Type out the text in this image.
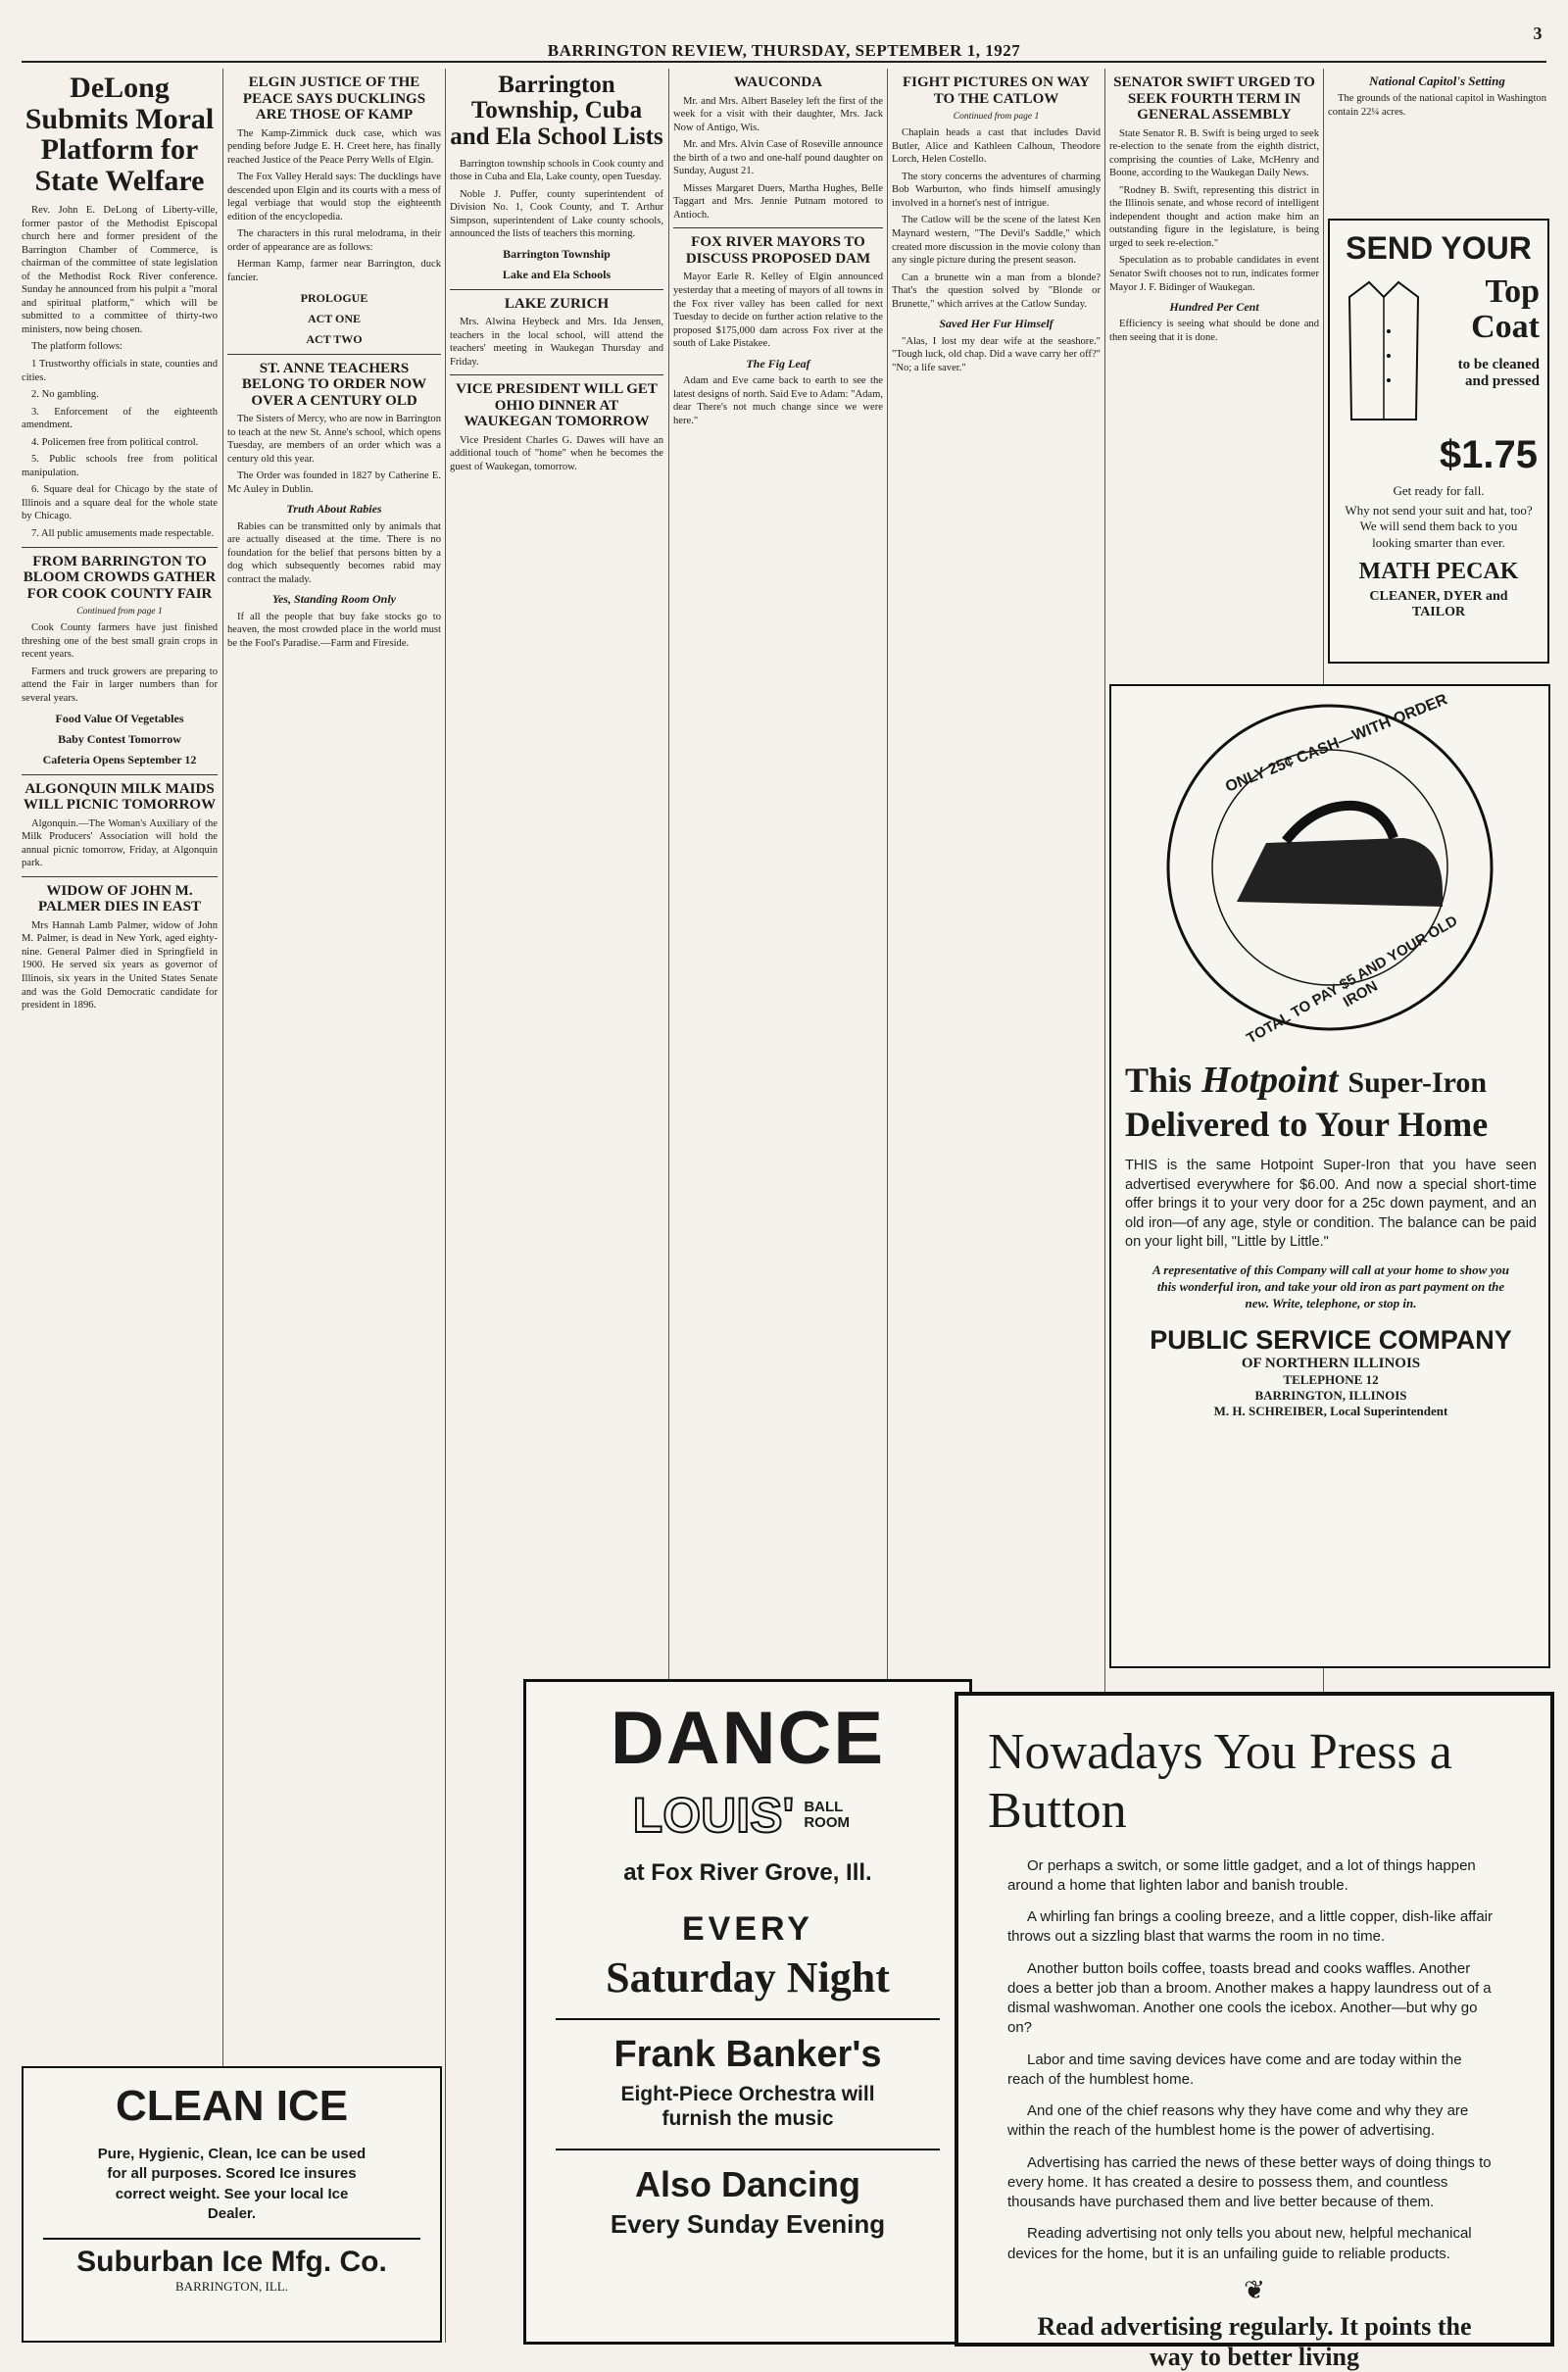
BARRINGTON REVIEW, THURSDAY, SEPTEMBER 1, 1927
3
DeLong Submits Moral Platform for State Welfare

Rev. John E. DeLong of Liberty-ville, former pastor of the Methodist Episcopal church here and former president of the Barrington Chamber of Commerce, is chairman of the committee of state legislation of the Methodist Rock River conference. Sunday he announced from his pulpit a "moral and spiritual platform," which will be submitted to a committee of thirty-two ministers, now being chosen.

The platform follows:

1 Trustworthy officials in state, counties and cities.

2. No gambling.

3. Enforcement of the eighteenth amendment.

4. Policemen free from political control.

5. Public schools free from political manipulation.

6. Square deal for Chicago by the state of Illinois and a square deal for the whole state by Chicago.

7. All public amusements made respectable.

FROM BARRINGTON TO BLOOM CROWDS GATHER FOR COOK COUNTY FAIR
Continued from page 1

Cook County farmers have just finished threshing one of the best small grain crops in recent years.

Farmers and truck growers are preparing to attend the Fair in larger numbers than for several years.

Food Value Of Vegetables
Baby Contest Tomorrow
Cafeteria Opens September 12
ALGONQUIN MILK MAIDS WILL PICNIC TOMORROW

Algonquin.—The Woman's Auxiliary of the Milk Producers' Association will hold the annual picnic tomorrow, Friday, at Algonquin park.

WIDOW OF JOHN M. PALMER DIES IN EAST

Mrs Hannah Lamb Palmer, widow of John M. Palmer, is dead in New York, aged eighty-nine. General Palmer died in Springfield in 1900. He served six years as governor of Illinois, six years in the United States Senate and was the Gold Democratic candidate for president in 1896.

CLEAN ICE
Pure, Hygienic, Clean, Ice can be used for all purposes. Scored Ice insures correct weight. See your local Ice Dealer.
Suburban Ice Mfg. Co.
BARRINGTON, ILL.
ELGIN JUSTICE OF THE PEACE SAYS DUCKLINGS ARE THOSE OF KAMP

The Kamp-Zimmick duck case, which was pending before Judge E. H. Creet here, has finally reached Justice of the Peace Perry Wells of Elgin.

The Fox Valley Herald says: The ducklings have descended upon Elgin and its courts with a mess of legal verbiage that would stop the eighteenth edition of the encyclopedia.

The characters in this rural melodrama, in their order of appearance are as follows:

Herman Kamp, farmer near Barrington, duck fancier.

PROLOGUE
ACT ONE
ACT TWO
ST. ANNE TEACHERS BELONG TO ORDER NOW OVER A CENTURY OLD

The Sisters of Mercy, who are now in Barrington to teach at the new St. Anne's school, which opens Tuesday, are members of an order which was a century old this year.

The Order was founded in 1827 by Catherine E. Mc Auley in Dublin.

Truth About Rabies

Rabies can be transmitted only by animals that are actually diseased at the time. There is no foundation for the belief that persons bitten by a dog which subsequently becomes rabid may contract the malady.

Yes, Standing Room Only

If all the people that buy fake stocks go to heaven, the most crowded place in the world must be the Fool's Paradise.—Farm and Fireside.

Barrington Township, Cuba and Ela School Lists

Barrington township schools in Cook county and those in Cuba and Ela, Lake county, open Tuesday.

Noble J. Puffer, county superintendent of Division No. 1, Cook County, and T. Arthur Simpson, superintendent of Lake county schools, announced the lists of teachers this morning.

Barrington Township
Lake and Ela Schools
LAKE ZURICH

Mrs. Alwina Heybeck and Mrs. Ida Jensen, teachers in the local school, will attend the teachers' meeting in Waukegan Thursday and Friday.

VICE PRESIDENT WILL GET OHIO DINNER AT WAUKEGAN TOMORROW

Vice President Charles G. Dawes will have an additional touch of "home" when he becomes the guest of Waukegan, tomorrow.

WAUCONDA

Mr. and Mrs. Albert Baseley left the first of the week for a visit with their daughter, Mrs. Jack Now of Antigo, Wis.

Mr. and Mrs. Alvin Case of Roseville announce the birth of a two and one-half pound daughter on Sunday, August 21.

Misses Margaret Duers, Martha Hughes, Belle Taggart and Mrs. Jennie Putnam motored to Antioch.

FOX RIVER MAYORS TO DISCUSS PROPOSED DAM

Mayor Earle R. Kelley of Elgin announced yesterday that a meeting of mayors of all towns in the Fox river valley has been called for next Tuesday to decide on further action relative to the proposed $175,000 dam across Fox river at the south of Lake Pistakee.

The Fig Leaf

Adam and Eve came back to earth to see the latest designs of north. Said Eve to Adam: "Adam, dear There's not much change since we were here."

DANCE
LOUIS' BALL ROOM
at Fox River Grove, Ill.
EVERY
Saturday Night
Frank Banker's
Eight-Piece Orchestra will furnish the music
Also Dancing
Every Sunday Evening
FIGHT PICTURES ON WAY TO THE CATLOW
Continued from page 1

Chaplain heads a cast that includes David Butler, Alice and Kathleen Calhoun, Theodore Lorch, Helen Costello.

The story concerns the adventures of charming Bob Warburton, who finds himself amusingly involved in a hornet's nest of intrigue.

The Catlow will be the scene of the latest Ken Maynard western, "The Devil's Saddle," which created more discussion in the movie colony than any single picture during the present season.

Can a brunette win a man from a blonde? That's the question solved by "Blonde or Brunette," which arrives at the Catlow Sunday.

Saved Her Fur Himself

"Alas, I lost my dear wife at the seashore." "Tough luck, old chap. Did a wave carry her off?" "No; a life saver."

SENATOR SWIFT URGED TO SEEK FOURTH TERM IN GENERAL ASSEMBLY

State Senator R. B. Swift is being urged to seek re-election to the senate from the eighth district, comprising the counties of Lake, McHenry and Boone, according to the Waukegan Daily News.

"Rodney B. Swift, representing this district in the Illinois senate, and whose record of intelligent independent thought and action make him an outstanding figure in the legislature, is being urged to seek re-election."

Speculation as to probable candidates in event Senator Swift chooses not to run, indicates former Mayor J. F. Bidinger of Waukegan.

Hundred Per Cent

Efficiency is seeing what should be done and then seeing that it is done.

National Capitol's Setting

The grounds of the national capitol in Washington contain 22¼ acres.

SEND YOUR
Top Coat
to be cleaned and pressed
$1.75
Get ready for fall.
Why not send your suit and hat, too? We will send them back to you looking smarter than ever.
MATH PECAK
CLEANER, DYER and TAILOR
ONLY 25¢ CASH—WITH ORDER
TOTAL TO PAY $5 AND YOUR OLD IRON
This Hotpoint Super-Iron
Delivered to Your Home
THIS is the same Hotpoint Super-Iron that you have seen advertised everywhere for $6.00. And now a special short-time offer brings it to your very door for a 25c down payment, and an old iron—of any age, style or condition. The balance can be paid on your light bill, "Little by Little."
A representative of this Company will call at your home to show you this wonderful iron, and take your old iron as part payment on the new. Write, telephone, or stop in.
PUBLIC SERVICE COMPANY
OF NORTHERN ILLINOIS
TELEPHONE 12
BARRINGTON, ILLINOIS
M. H. SCHREIBER, Local Superintendent
Nowadays You Press a Button

Or perhaps a switch, or some little gadget, and a lot of things happen around a home that lighten labor and banish trouble.

A whirling fan brings a cooling breeze, and a little copper, dish-like affair throws out a sizzling blast that warms the room in no time.

Another button boils coffee, toasts bread and cooks waffles. Another does a better job than a broom. Another makes a happy laundress out of a dismal washwoman. Another one cools the icebox. Another—but why go on?

Labor and time saving devices have come and are today within the reach of the humblest home.

And one of the chief reasons why they have come and why they are within the reach of the humblest home is the power of advertising.

Advertising has carried the news of these better ways of doing things to every home. It has created a desire to possess them, and countless thousands have purchased them and live better because of them.

Reading advertising not only tells you about new, helpful mechanical devices for the home, but it is an unfailing guide to reliable products.

❦
Read advertising regularly. It points the way to better living
